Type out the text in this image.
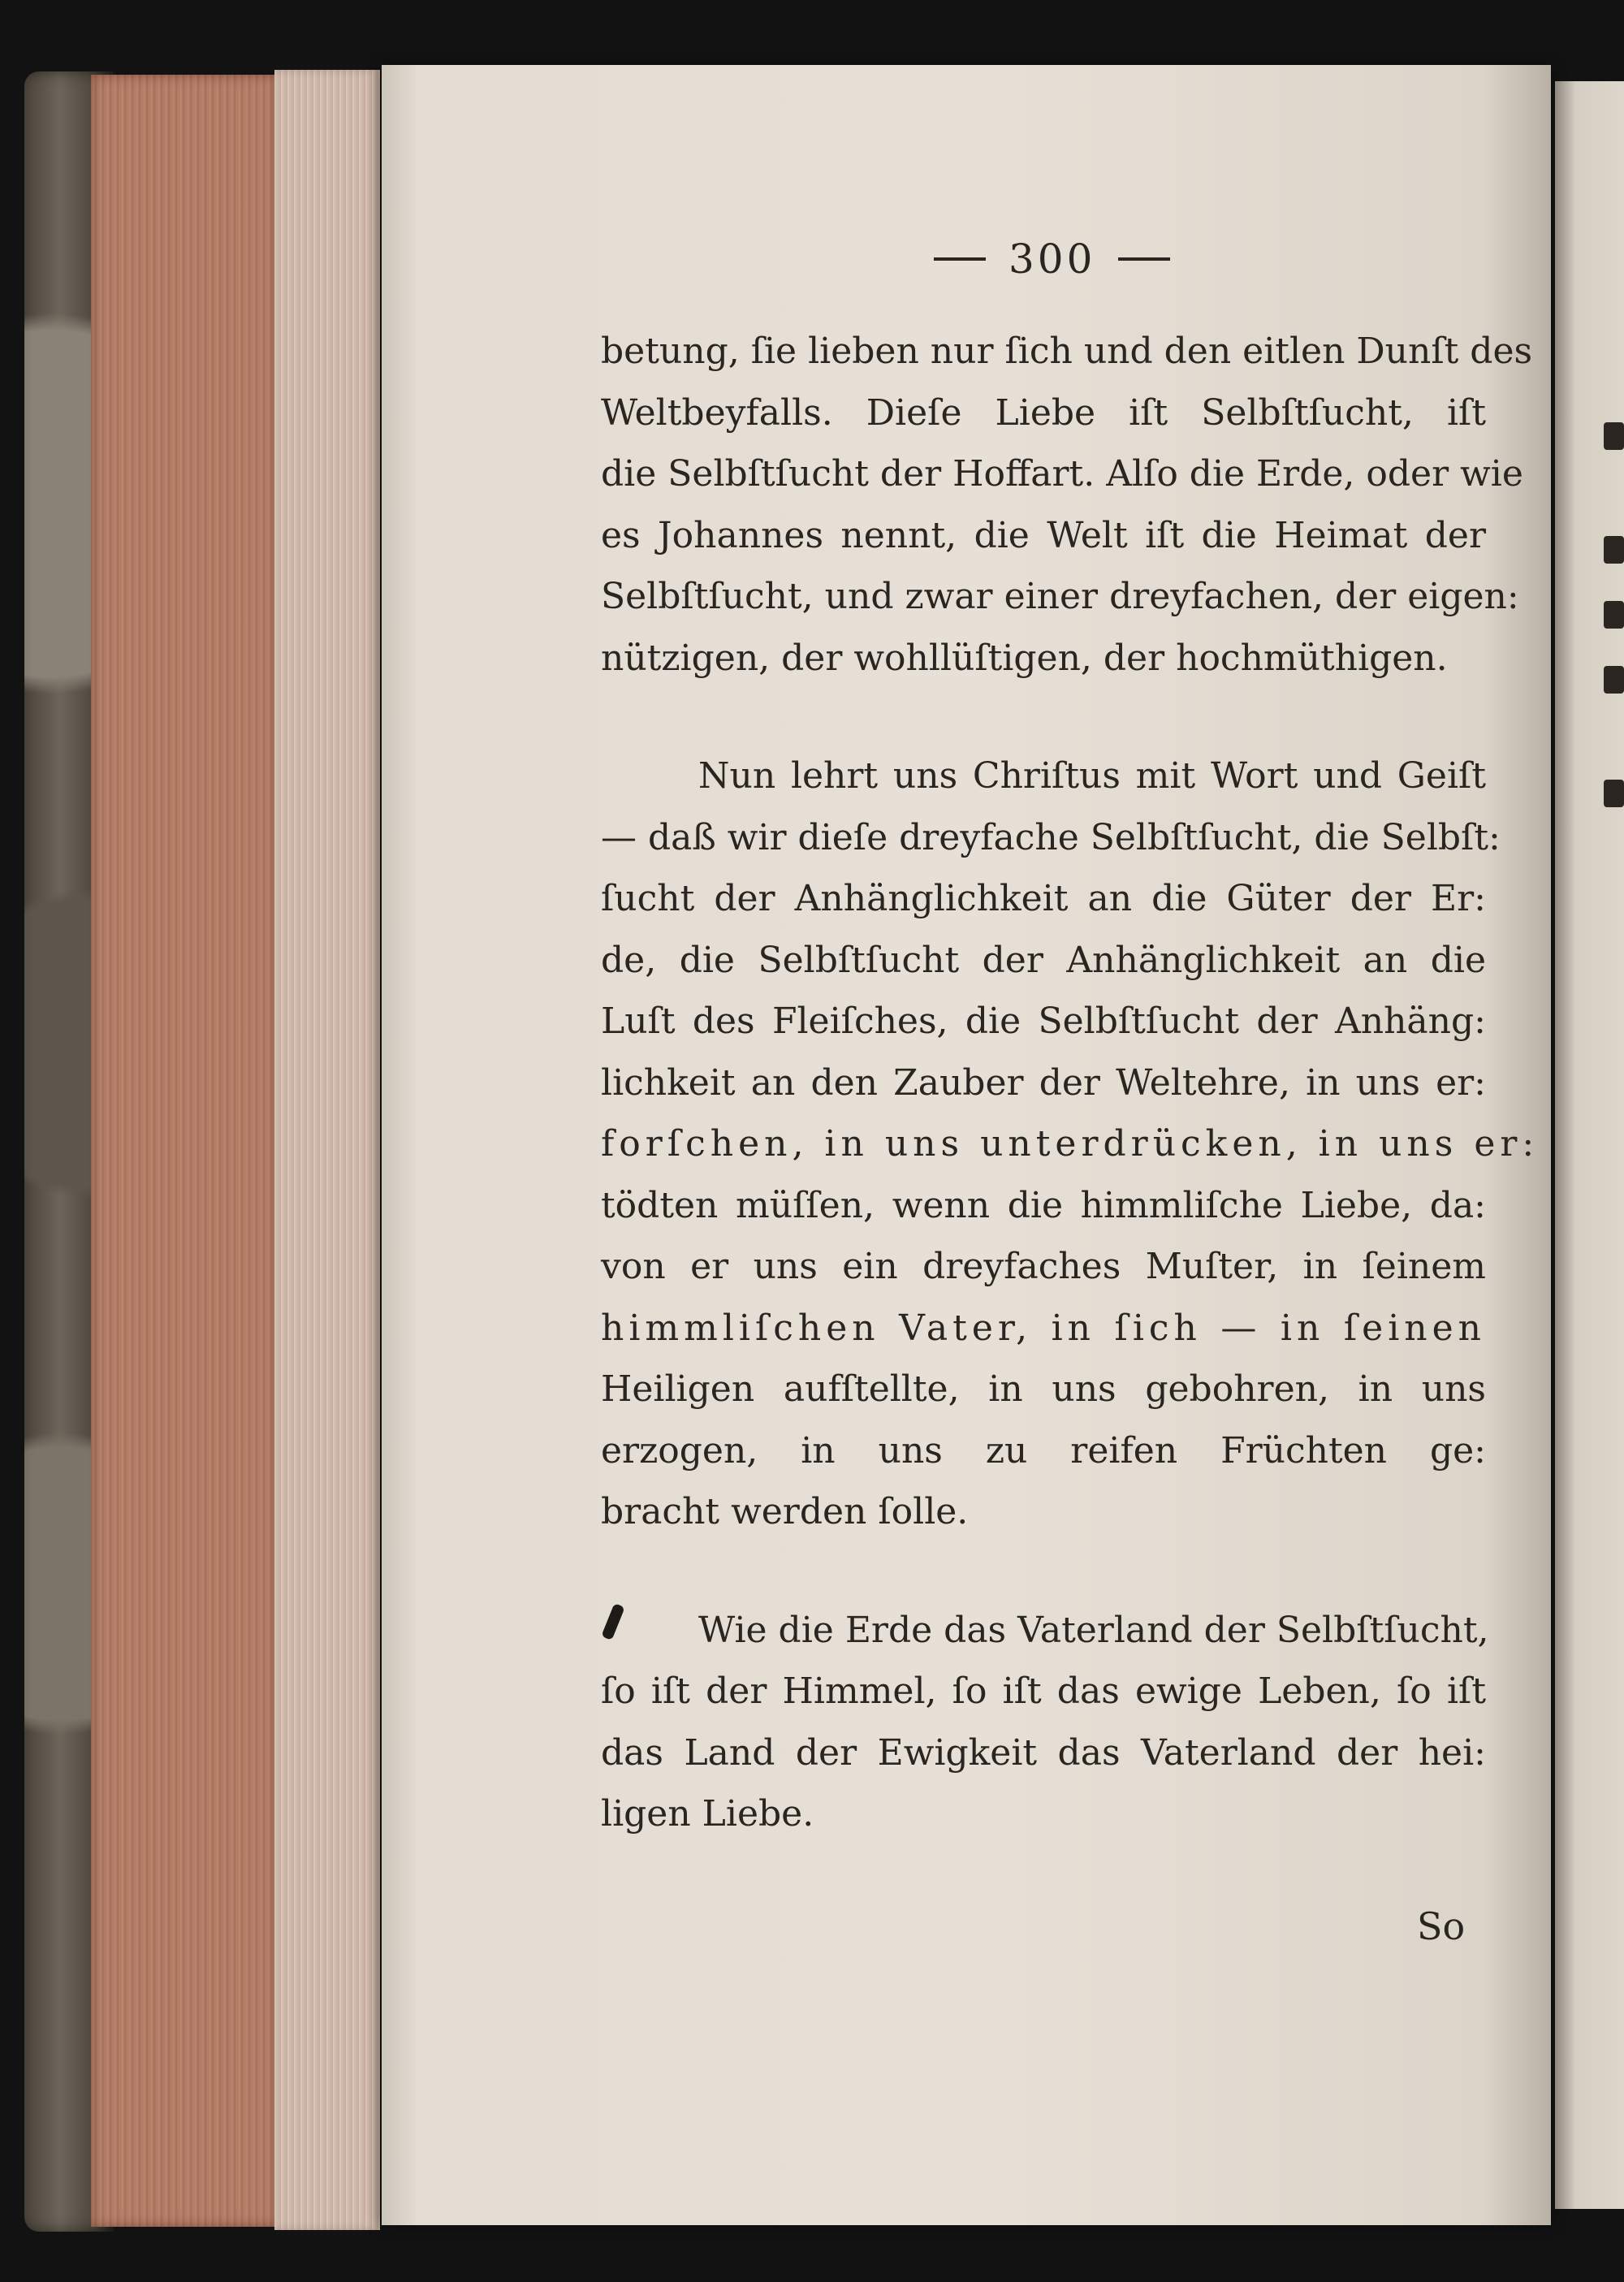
300
betung, ſie lieben nur ſich und den eitlen Dunſt des
Weltbeyfalls. Dieſe Liebe iſt Selbſtſucht, iſt
die Selbſtſucht der Hoffart. Alſo die Erde, oder wie
es Johannes nennt, die Welt iſt die Heimat der
Selbſtſucht, und zwar einer dreyfachen, der eigen:
nützigen, der wohllüſtigen, der hochmüthigen.
Nun lehrt uns Chriſtus mit Wort und Geiſt
— daß wir dieſe dreyfache Selbſtſucht, die Selbſt:
ſucht der Anhänglichkeit an die Güter der Er:
de, die Selbſtſucht der Anhänglichkeit an die
Luſt des Fleiſches, die Selbſtſucht der Anhäng:
lichkeit an den Zauber der Weltehre, in uns er:
forſchen, in uns unterdrücken, in uns er:
tödten müſſen, wenn die himmliſche Liebe, da:
von er uns ein dreyfaches Muſter, in ſeinem
himmliſchen Vater, in ſich — in ſeinen
Heiligen aufſtellte, in uns gebohren, in uns
erzogen, in uns zu reifen Früchten ge:
bracht werden ſolle.
Wie die Erde das Vaterland der Selbſtſucht,
ſo iſt der Himmel, ſo iſt das ewige Leben, ſo iſt
das Land der Ewigkeit das Vaterland der hei:
ligen Liebe.
So
